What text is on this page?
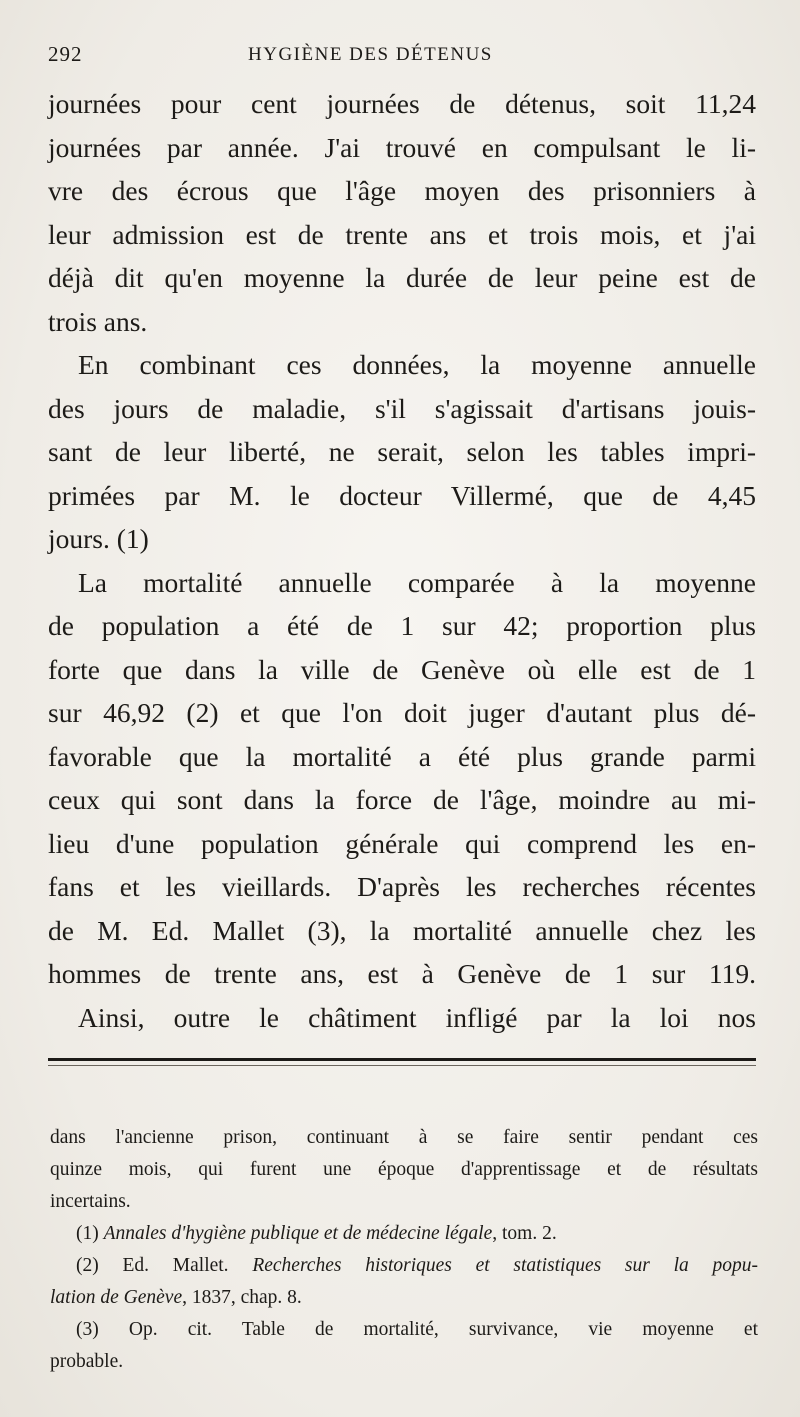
292	HYGIÈNE DES DÉTENUS
journées pour cent journées de détenus, soit 11,24
journées par année. J'ai trouvé en compulsant le li-
vre des écrous que l'âge moyen des prisonniers à
leur admission est de trente ans et trois mois, et j'ai
déjà dit qu'en moyenne la durée de leur peine est de
trois ans.
En combinant ces données, la moyenne annuelle
des jours de maladie, s'il s'agissait d'artisans jouis-
sant de leur liberté, ne serait, selon les tables impri-
primées par M. le docteur Villermé, que de 4,45
jours. (1)
La mortalité annuelle comparée à la moyenne
de population a été de 1 sur 42; proportion plus
forte que dans la ville de Genève où elle est de 1
sur 46,92 (2) et que l'on doit juger d'autant plus dé-
favorable que la mortalité a été plus grande parmi
ceux qui sont dans la force de l'âge, moindre au mi-
lieu d'une population générale qui comprend les en-
fans et les vieillards. D'après les recherches récentes
de M. Ed. Mallet (3), la mortalité annuelle chez les
hommes de trente ans, est à Genève de 1 sur 119.
Ainsi, outre le châtiment infligé par la loi nos
dans l'ancienne prison, continuant à se faire sentir pendant ces
quinze mois, qui furent une époque d'apprentissage et de résultats
incertains.
(1) Annales d'hygiène publique et de médecine légale, tom. 2.
(2) Ed. Mallet. Recherches historiques et statistiques sur la popu-
lation de Genève, 1837, chap. 8.
(3) Op. cit. Table de mortalité, survivance, vie moyenne et
probable.
